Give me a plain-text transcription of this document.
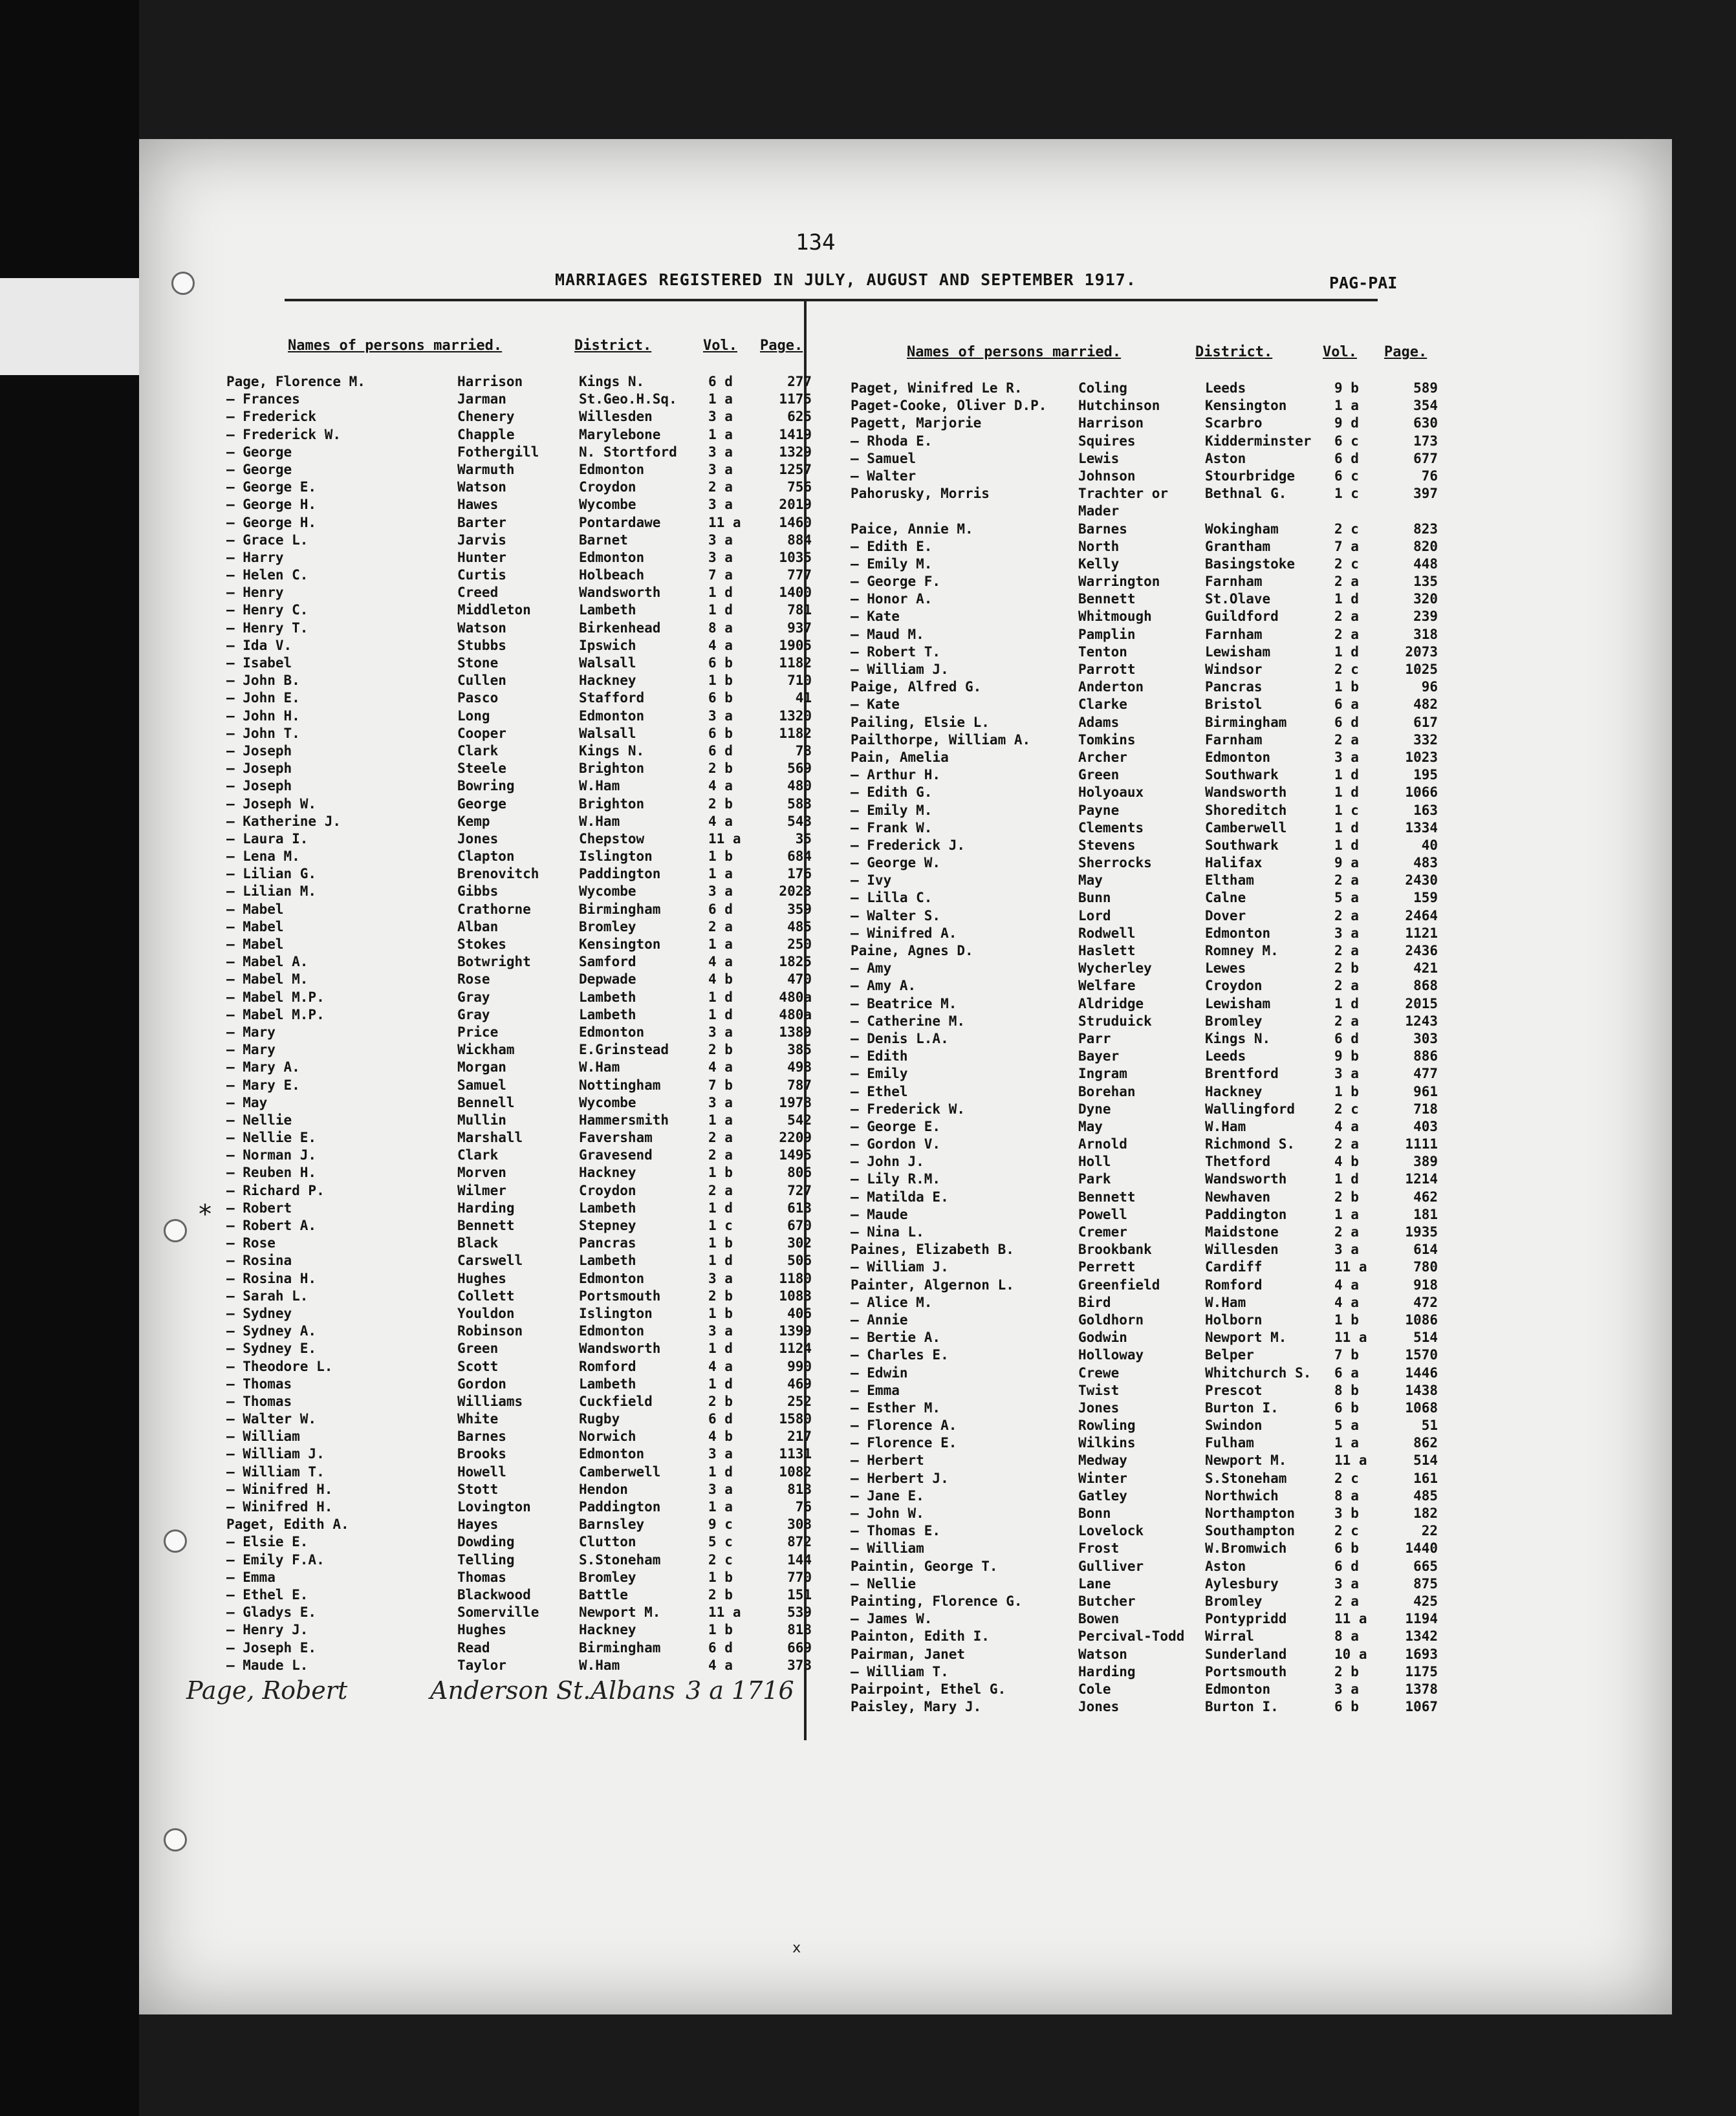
134
MARRIAGES REGISTERED IN JULY, AUGUST AND SEPTEMBER 1917.	PAG-PAI
Names of persons married.	District.	Vol. Page.	Names of persons married.	District.	Vol. Page.
Page, Florence M.	Harrison	Kings N.	6 d	277
— Frances	Jarman	St.Geo.H.Sq.	1 a	1175
— Frederick	Chenery	Willesden	3 a	625
— Frederick W.	Chapple	Marylebone	1 a	1419
— George	Fothergill	N. Stortford	3 a	1329
— George	Warmuth	Edmonton	3 a	1257
— George E.	Watson	Croydon	2 a	756
— George H.	Hawes	Wycombe	3 a	2019
— George H.	Barter	Pontardawe	11 a	1460
— Grace L.	Jarvis	Barnet	3 a	884
— Harry	Hunter	Edmonton	3 a	1035
— Helen C.	Curtis	Holbeach	7 a	777
— Henry	Creed	Wandsworth	1 d	1400
— Henry C.	Middleton	Lambeth	1 d	781
— Henry T.	Watson	Birkenhead	8 a	937
— Ida V.	Stubbs	Ipswich	4 a	1905
— Isabel	Stone	Walsall	6 b	1182
— John B.	Cullen	Hackney	1 b	710
— John E.	Pasco	Stafford	6 b	41
— John H.	Long	Edmonton	3 a	1320
— John T.	Cooper	Walsall	6 b	1182
— Joseph	Clark	Kings N.	6 d	78
— Joseph	Steele	Brighton	2 b	569
— Joseph	Bowring	W.Ham	4 a	480
— Joseph W.	George	Brighton	2 b	583
— Katherine J.	Kemp	W.Ham	4 a	543
— Laura I.	Jones	Chepstow	11 a	35
— Lena M.	Clapton	Islington	1 b	684
— Lilian G.	Brenovitch	Paddington	1 a	176
— Lilian M.	Gibbs	Wycombe	3 a	2023
— Mabel	Crathorne	Birmingham	6 d	359
— Mabel	Alban	Bromley	2 a	485
— Mabel	Stokes	Kensington	1 a	250
— Mabel A.	Botwright	Samford	4 a	1825
— Mabel M.	Rose	Depwade	4 b	470
— Mabel M.P.	Gray	Lambeth	1 d	480a
— Mabel M.P.	Gray	Lambeth	1 d	480a
— Mary	Price	Edmonton	3 a	1389
— Mary	Wickham	E.Grinstead	2 b	385
— Mary A.	Morgan	W.Ham	4 a	498
— Mary E.	Samuel	Nottingham	7 b	787
— May	Bennell	Wycombe	3 a	1978
— Nellie	Mullin	Hammersmith	1 a	542
— Nellie E.	Marshall	Faversham	2 a	2209
— Norman J.	Clark	Gravesend	2 a	1495
— Reuben H.	Morven	Hackney	1 b	806
— Richard P.	Wilmer	Croydon	2 a	727
— Robert	Harding	Lambeth	1 d	613
— Robert A.	Bennett	Stepney	1 c	670
— Rose	Black	Pancras	1 b	302
— Rosina	Carswell	Lambeth	1 d	506
— Rosina H.	Hughes	Edmonton	3 a	1180
— Sarah L.	Collett	Portsmouth	2 b	1083
— Sydney	Youldon	Islington	1 b	406
— Sydney A.	Robinson	Edmonton	3 a	1399
— Sydney E.	Green	Wandsworth	1 d	1124
— Theodore L.	Scott	Romford	4 a	990
— Thomas	Gordon	Lambeth	1 d	469
— Thomas	Williams	Cuckfield	2 b	252
— Walter W.	White	Rugby	6 d	1580
— William	Barnes	Norwich	4 b	217
— William J.	Brooks	Edmonton	3 a	1131
— William T.	Howell	Camberwell	1 d	1082
— Winifred H.	Stott	Hendon	3 a	813
— Winifred H.	Lovington	Paddington	1 a	76
Paget, Edith A.	Hayes	Barnsley	9 c	308
— Elsie E.	Dowding	Clutton	5 c	872
— Emily F.A.	Telling	S.Stoneham	2 c	144
— Emma	Thomas	Bromley	1 b	770
— Ethel E.	Blackwood	Battle	2 b	151
— Gladys E.	Somerville	Newport M.	11 a	539
— Henry J.	Hughes	Hackney	1 b	818
— Joseph E.	Read	Birmingham	6 d	669
— Maude L.	Taylor	W.Ham	4 a	373
Paget, Winifred Le R.	Coling	Leeds	9 b	589
Paget-Cooke, Oliver D.P.	Hutchinson	Kensington	1 a	354
Pagett, Marjorie	Harrison	Scarbro	9 d	630
— Rhoda E.	Squires	Kidderminster	6 c	173
— Samuel	Lewis	Aston	6 d	677
— Walter	Johnson	Stourbridge	6 c	76
Pahorusky, Morris	Trachter or	Bethnal G.	1 c	397
Mader
Paice, Annie M.	Barnes	Wokingham	2 c	823
— Edith E.	North	Grantham	7 a	820
— Emily M.	Kelly	Basingstoke	2 c	448
— George F.	Warrington	Farnham	2 a	135
— Honor A.	Bennett	St.Olave	1 d	320
— Kate	Whitmough	Guildford	2 a	239
— Maud M.	Pamplin	Farnham	2 a	318
— Robert T.	Tenton	Lewisham	1 d	2073
— William J.	Parrott	Windsor	2 c	1025
Paige, Alfred G.	Anderton	Pancras	1 b	96
— Kate	Clarke	Bristol	6 a	482
Pailing, Elsie L.	Adams	Birmingham	6 d	617
Pailthorpe, William A.	Tomkins	Farnham	2 a	332
Pain, Amelia	Archer	Edmonton	3 a	1023
— Arthur H.	Green	Southwark	1 d	195
— Edith G.	Holyoaux	Wandsworth	1 d	1066
— Emily M.	Payne	Shoreditch	1 c	163
— Frank W.	Clements	Camberwell	1 d	1334
— Frederick J.	Stevens	Southwark	1 d	40
— George W.	Sherrocks	Halifax	9 a	483
— Ivy	May	Eltham	2 a	2430
— Lilla C.	Bunn	Calne	5 a	159
— Walter S.	Lord	Dover	2 a	2464
— Winifred A.	Rodwell	Edmonton	3 a	1121
Paine, Agnes D.	Haslett	Romney M.	2 a	2436
— Amy	Wycherley	Lewes	2 b	421
— Amy A.	Welfare	Croydon	2 a	868
— Beatrice M.	Aldridge	Lewisham	1 d	2015
— Catherine M.	Struduick	Bromley	2 a	1243
— Denis L.A.	Parr	Kings N.	6 d	303
— Edith	Bayer	Leeds	9 b	886
— Emily	Ingram	Brentford	3 a	477
— Ethel	Borehan	Hackney	1 b	961
— Frederick W.	Dyne	Wallingford	2 c	718
— George E.	May	W.Ham	4 a	403
— Gordon V.	Arnold	Richmond S.	2 a	1111
— John J.	Holl	Thetford	4 b	389
— Lily R.M.	Park	Wandsworth	1 d	1214
— Matilda E.	Bennett	Newhaven	2 b	462
— Maude	Powell	Paddington	1 a	181
— Nina L.	Cremer	Maidstone	2 a	1935
Paines, Elizabeth B.	Brookbank	Willesden	3 a	614
— William J.	Perrett	Cardiff	11 a	780
Painter, Algernon L.	Greenfield	Romford	4 a	918
— Alice M.	Bird	W.Ham	4 a	472
— Annie	Goldhorn	Holborn	1 b	1086
— Bertie A.	Godwin	Newport M.	11 a	514
— Charles E.	Holloway	Belper	7 b	1570
— Edwin	Crewe	Whitchurch S.	6 a	1446
— Emma	Twist	Prescot	8 b	1438
— Esther M.	Jones	Burton I.	6 b	1068
— Florence A.	Rowling	Swindon	5 a	51
— Florence E.	Wilkins	Fulham	1 a	862
— Herbert	Medway	Newport M.	11 a	514
— Herbert J.	Winter	S.Stoneham	2 c	161
— Jane E.	Gatley	Northwich	8 a	485
— John W.	Bonn	Northampton	3 b	182
— Thomas E.	Lovelock	Southampton	2 c	22
— William	Frost	W.Bromwich	6 b	1440
Paintin, George T.	Gulliver	Aston	6 d	665
— Nellie	Lane	Aylesbury	3 a	875
Painting, Florence G.	Butcher	Bromley	2 a	425
— James W.	Bowen	Pontypridd	11 a	1194
Painton, Edith I.	Percival-Todd	Wirral	8 a	1342
Pairman, Janet	Watson	Sunderland	10 a	1693
— William T.	Harding	Portsmouth	2 b	1175
Pairpoint, Ethel G.	Cole	Edmonton	3 a	1378
Paisley, Mary J.	Jones	Burton I.	6 b	1067
*
Page, Robert	Anderson St.Albans 3 a 1716
x
